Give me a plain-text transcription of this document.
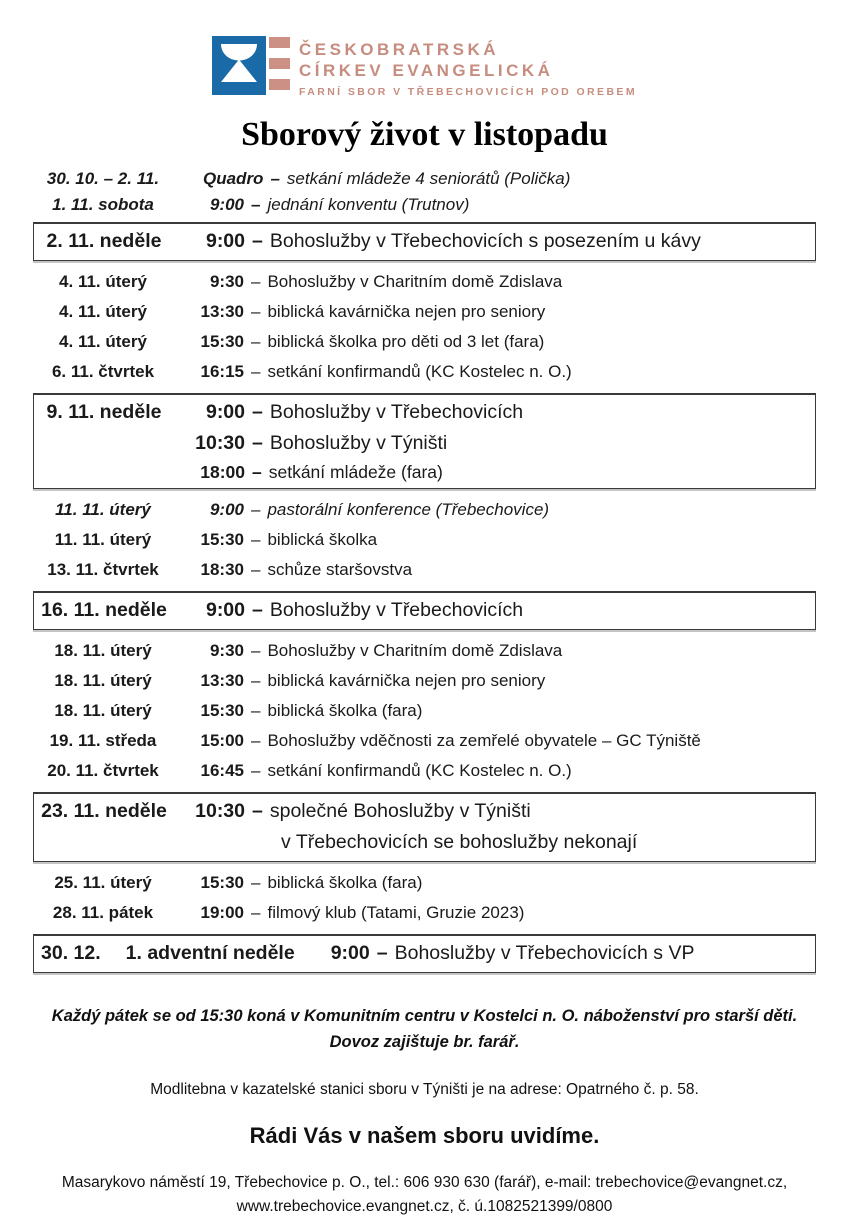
ČESKOBRATRSKÁ
CÍRKEV EVANGELICKÁ
FARNÍ SBOR V TŘEBECHOVICÍCH POD OREBEM
Sborový život v listopadu
30. 10. – 2. 11.	Quadro – setkání mládeže 4 seniorátů (Polička)
1. 11. sobota	9:00 – jednání konventu (Trutnov)
2. 11. neděle	9:00 – Bohoslužby v Třebechovicích s posezením u kávy
4. 11. úterý	9:30 – Bohoslužby v Charitním domě Zdislava
4. 11. úterý	13:30 – biblická kavárnička nejen pro seniory
4. 11. úterý	15:30 – biblická školka pro děti od 3 let (fara)
6. 11. čtvrtek	16:15 – setkání konfirmandů (KC Kostelec n. O.)
9. 11. neděle	9:00 – Bohoslužby v Třebechovicích
10:30 – Bohoslužby v Týništi
18:00 – setkání mládeže (fara)
11. 11. úterý	9:00 – pastorální konference (Třebechovice)
11. 11. úterý	15:30 – biblická školka
13. 11. čtvrtek	18:30 – schůze staršovstva
16. 11. neděle	9:00 – Bohoslužby v Třebechovicích
18. 11. úterý	9:30 – Bohoslužby v Charitním domě Zdislava
18. 11. úterý	13:30 – biblická kavárnička nejen pro seniory
18. 11. úterý	15:30 – biblická školka (fara)
19. 11. středa	15:00 – Bohoslužby vděčnosti za zemřelé obyvatele – GC Týniště
20. 11. čtvrtek	16:45 – setkání konfirmandů (KC Kostelec n. O.)
23. 11. neděle	10:30 – společné Bohoslužby v Týništi
v Třebechovicích se bohoslužby nekonají
25. 11. úterý	15:30 – biblická školka (fara)
28. 11. pátek	19:00 – filmový klub (Tatami, Gruzie 2023)
30. 12. 1. adventní neděle 9:00 – Bohoslužby v Třebechovicích s VP
Každý pátek se od 15:30 koná v Komunitním centru v Kostelci n. O. náboženství pro starší děti.
Dovoz zajištuje br. farář.
Modlitebna v kazatelské stanici sboru v Týništi je na adrese: Opatrného č. p. 58.
Rádi Vás v našem sboru uvidíme.
Masarykovo náměstí 19, Třebechovice p. O., tel.: 606 930 630 (farář), e-mail: trebechovice@evangnet.cz,
www.trebechovice.evangnet.cz, č. ú.1082521399/0800
